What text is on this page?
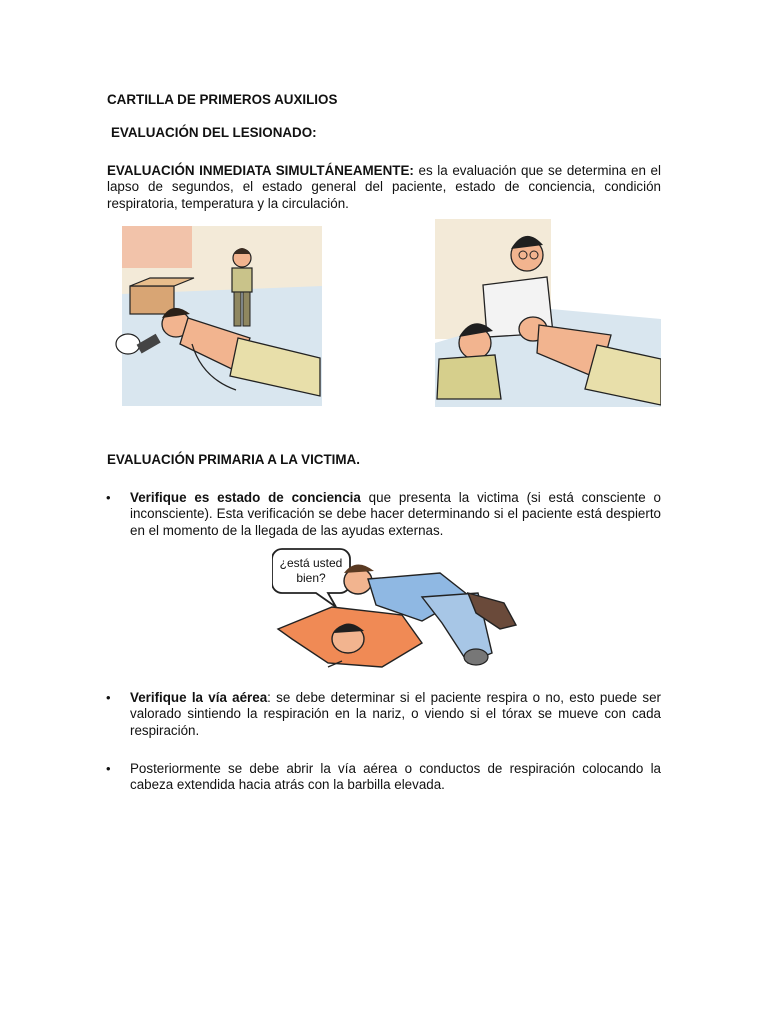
CARTILLA DE PRIMEROS AUXILIOS
EVALUACIÓN DEL LESIONADO:
EVALUACIÓN INMEDIATA SIMULTÁNEAMENTE: es la evaluación que se determina en el lapso de segundos, el estado general del paciente, estado de conciencia, condición respiratoria, temperatura y la circulación.
EVALUACIÓN PRIMARIA A LA VICTIMA.
• Verifique es estado de conciencia que presenta la victima (si está consciente o inconsciente). Esta verificación se debe hacer determinando si el paciente está despierto en el momento de la llegada de las ayudas externas.
¿está usted
bien?
• Verifique la vía aérea: se debe determinar si el paciente respira o no, esto puede ser valorado sintiendo la respiración en la nariz, o viendo si el tórax se mueve con cada respiración.
• Posteriormente se debe abrir la vía aérea o conductos de respiración colocando la cabeza extendida hacia atrás con la barbilla elevada.
